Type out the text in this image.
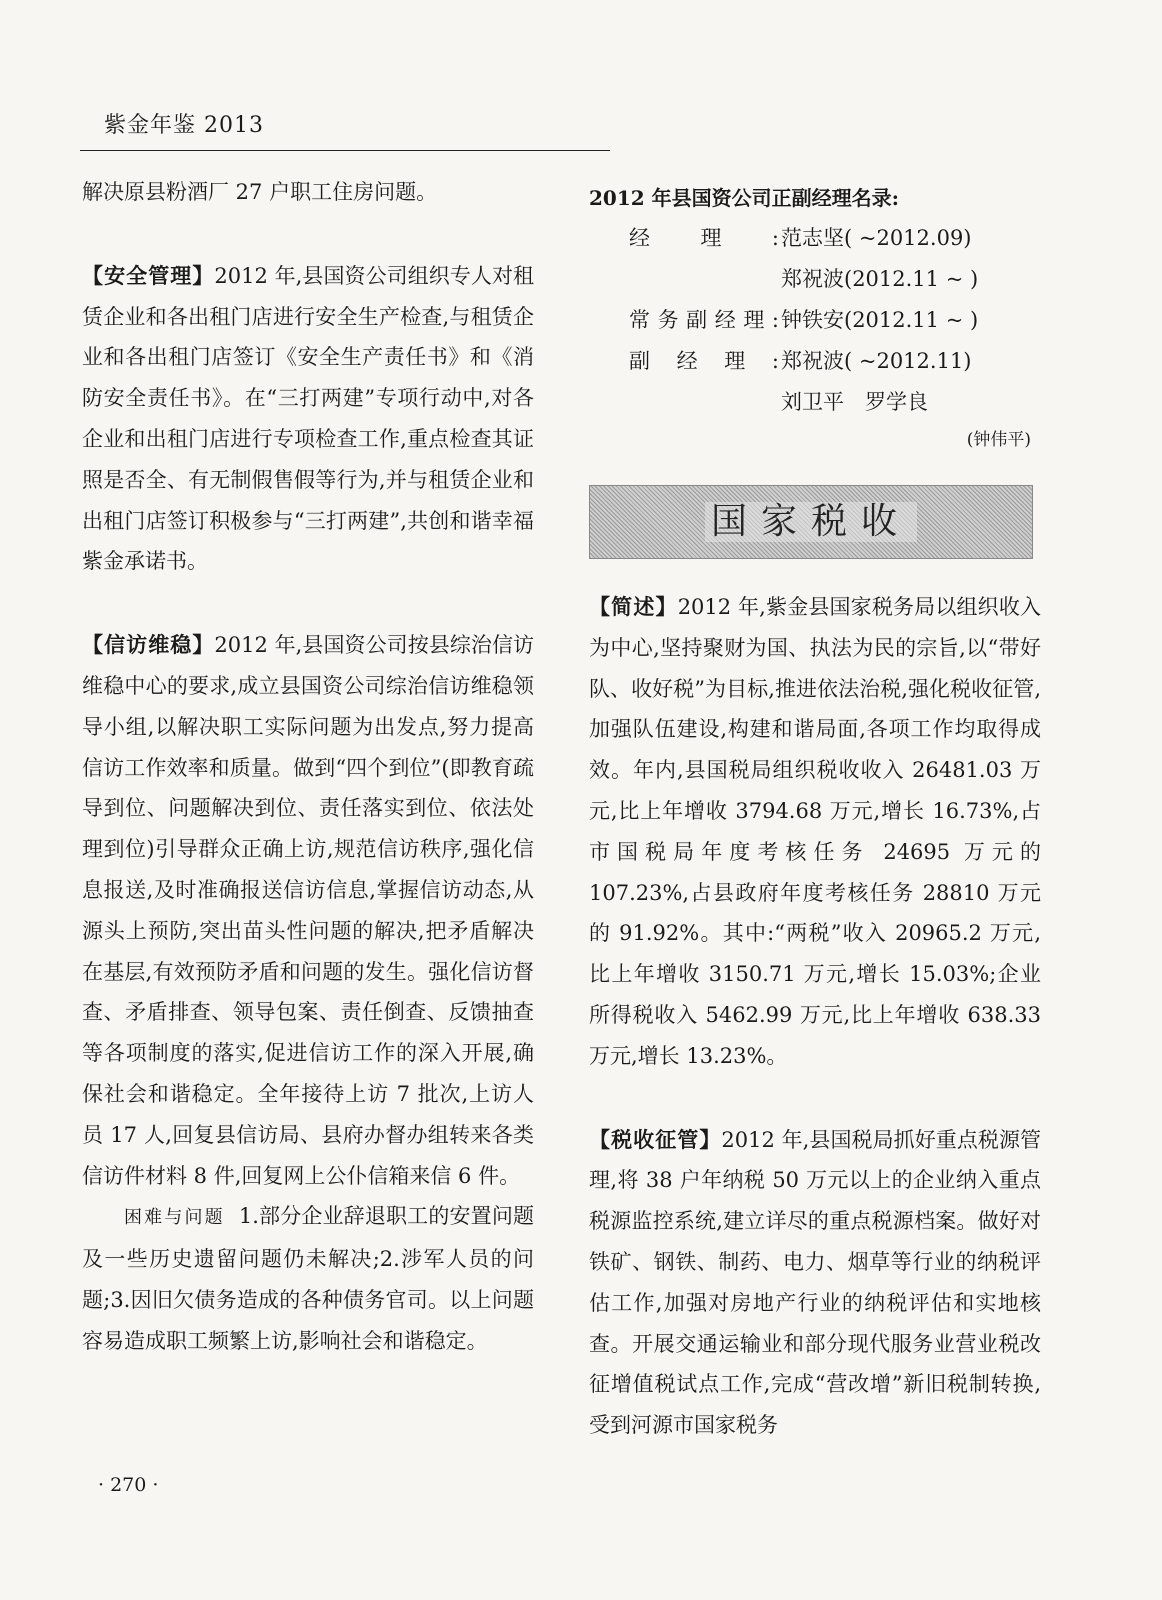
紫金年鉴 2013

解决原县粉酒厂 27 户职工住房问题。

【安全管理】2012 年,县国资公司组织专人对租赁企业和各出租门店进行安全生产检查,与租赁企业和各出租门店签订《安全生产责任书》和《消防安全责任书》。在“三打两建”专项行动中,对各企业和出租门店进行专项检查工作,重点检查其证照是否全、有无制假售假等行为,并与租赁企业和出租门店签订积极参与“三打两建”,共创和谐幸福紫金承诺书。

【信访维稳】2012 年,县国资公司按县综治信访维稳中心的要求,成立县国资公司综治信访维稳领导小组,以解决职工实际问题为出发点,努力提高信访工作效率和质量。做到“四个到位”(即教育疏导到位、问题解决到位、责任落实到位、依法处理到位)引导群众正确上访,规范信访秩序,强化信息报送,及时准确报送信访信息,掌握信访动态,从源头上预防,突出苗头性问题的解决,把矛盾解决在基层,有效预防矛盾和问题的发生。强化信访督查、矛盾排查、领导包案、责任倒查、反馈抽查等各项制度的落实,促进信访工作的深入开展,确保社会和谐稳定。全年接待上访 7 批次,上访人员 17 人,回复县信访局、县府办督办组转来各类信访件材料 8 件,回复网上公仆信箱来信 6 件。

困难与问题 1.部分企业辞退职工的安置问题及一些历史遗留问题仍未解决;2.涉军人员的问题;3.因旧欠债务造成的各种债务官司。以上问题容易造成职工频繁上访,影响社会和谐稳定。

2012 年县国资公司正副经理名录:
经理: 范志坚( ~2012.09)
郑祝波(2012.11 ~ )
常务副经理: 钟铁安(2012.11 ~ )
副经理: 郑祝波( ~2012.11)
刘卫平　罗学良
(钟伟平)
国家税收

【简述】2012 年,紫金县国家税务局以组织收入为中心,坚持聚财为国、执法为民的宗旨,以“带好队、收好税”为目标,推进依法治税,强化税收征管,加强队伍建设,构建和谐局面,各项工作均取得成效。年内,县国税局组织税收收入 26481.03 万元,比上年增收 3794.68 万元,增长 16.73%,占市国税局年度考核任务 24695 万元的 107.23%,占县政府年度考核任务 28810 万元的 91.92%。其中:“两税”收入 20965.2 万元,比上年增收 3150.71 万元,增长 15.03%;企业所得税收入 5462.99 万元,比上年增收 638.33 万元,增长 13.23%。

【税收征管】2012 年,县国税局抓好重点税源管理,将 38 户年纳税 50 万元以上的企业纳入重点税源监控系统,建立详尽的重点税源档案。做好对铁矿、钢铁、制药、电力、烟草等行业的纳税评估工作,加强对房地产行业的纳税评估和实地核查。开展交通运输业和部分现代服务业营业税改征增值税试点工作,完成“营改增”新旧税制转换,受到河源市国家税务

· 270 ·
